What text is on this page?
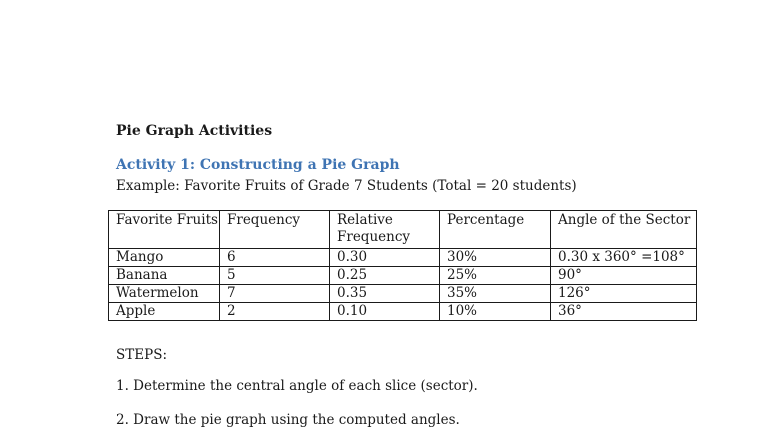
Pie Graph Activities
Activity 1: Constructing a Pie Graph
Example: Favorite Fruits of Grade 7 Students (Total = 20 students)
Favorite Fruits	Frequency	Relative Frequency	Percentage	Angle of the Sector
Mango	6	0.30	30%	0.30 x 360° =108°
Banana	5	0.25	25%	90°
Watermelon	7	0.35	35%	126°
Apple	2	0.10	10%	36°
STEPS:
1. Determine the central angle of each slice (sector).
2. Draw the pie graph using the computed angles.
